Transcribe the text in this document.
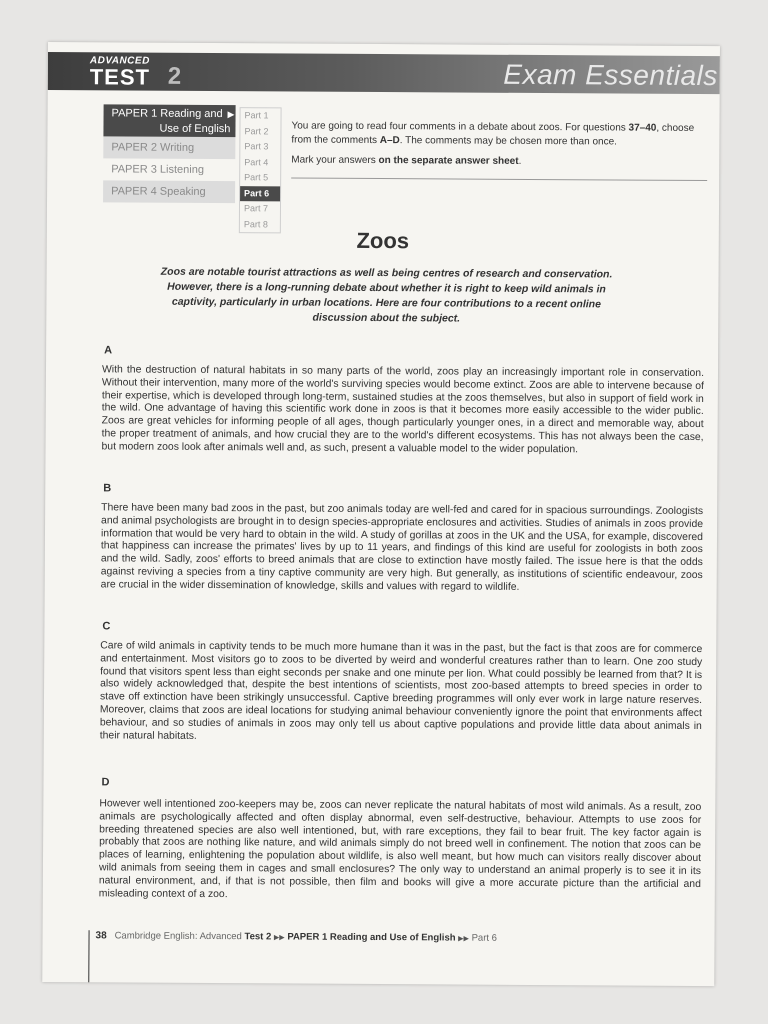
ADVANCED
TEST 2	Exam Essentials
PAPER 1 Reading and
Use of English
▶
PAPER 2 Writing
PAPER 3 Listening
PAPER 4 Speaking
Part 1
Part 2
Part 3
Part 4
Part 5
Part 6
Part 7
Part 8

You are going to read four comments in a debate about zoos. For questions 37–40, choose from the comments A–D. The comments may be chosen more than once.

Mark your answers on the separate answer sheet.

Zoos
Zoos are notable tourist attractions as well as being centres of research and conservation. However, there is a long-running debate about whether it is right to keep wild animals in captivity, particularly in urban locations. Here are four contributions to a recent online discussion about the subject.
A
With the destruction of natural habitats in so many parts of the world, zoos play an increasingly important role in conservation. Without their intervention, many more of the world's surviving species would become extinct. Zoos are able to intervene because of their expertise, which is developed through long-term, sustained studies at the zoos themselves, but also in support of field work in the wild. One advantage of having this scientific work done in zoos is that it becomes more easily accessible to the wider public. Zoos are great vehicles for informing people of all ages, though particularly younger ones, in a direct and memorable way, about the proper treatment of animals, and how crucial they are to the world's different ecosystems. This has not always been the case, but modern zoos look after animals well and, as such, present a valuable model to the wider population.
B
There have been many bad zoos in the past, but zoo animals today are well-fed and cared for in spacious surroundings. Zoologists and animal psychologists are brought in to design species-appropriate enclosures and activities. Studies of animals in zoos provide information that would be very hard to obtain in the wild. A study of gorillas at zoos in the UK and the USA, for example, discovered that happiness can increase the primates' lives by up to 11 years, and findings of this kind are useful for zoologists in both zoos and the wild. Sadly, zoos' efforts to breed animals that are close to extinction have mostly failed. The issue here is that the odds against reviving a species from a tiny captive community are very high. But generally, as institutions of scientific endeavour, zoos are crucial in the wider dissemination of knowledge, skills and values with regard to wildlife.
C
Care of wild animals in captivity tends to be much more humane than it was in the past, but the fact is that zoos are for commerce and entertainment. Most visitors go to zoos to be diverted by weird and wonderful creatures rather than to learn. One zoo study found that visitors spent less than eight seconds per snake and one minute per lion. What could possibly be learned from that? It is also widely acknowledged that, despite the best intentions of scientists, most zoo-based attempts to breed species in order to stave off extinction have been strikingly unsuccessful. Captive breeding programmes will only ever work in large nature reserves. Moreover, claims that zoos are ideal locations for studying animal behaviour conveniently ignore the point that environments affect behaviour, and so studies of animals in zoos may only tell us about captive populations and provide little data about animals in their natural habitats.
D
However well intentioned zoo-keepers may be, zoos can never replicate the natural habitats of most wild animals. As a result, zoo animals are psychologically affected and often display abnormal, even self-destructive, behaviour. Attempts to use zoos for breeding threatened species are also well intentioned, but, with rare exceptions, they fail to bear fruit. The key factor again is probably that zoos are nothing like nature, and wild animals simply do not breed well in confinement. The notion that zoos can be places of learning, enlightening the population about wildlife, is also well meant, but how much can visitors really discover about wild animals from seeing them in cages and small enclosures? The only way to understand an animal properly is to see it in its natural environment, and, if that is not possible, then film and books will give a more accurate picture than the artificial and misleading context of a zoo.
38 Cambridge English: Advanced Test 2 ▶▶ PAPER 1 Reading and Use of English ▶▶ Part 6
